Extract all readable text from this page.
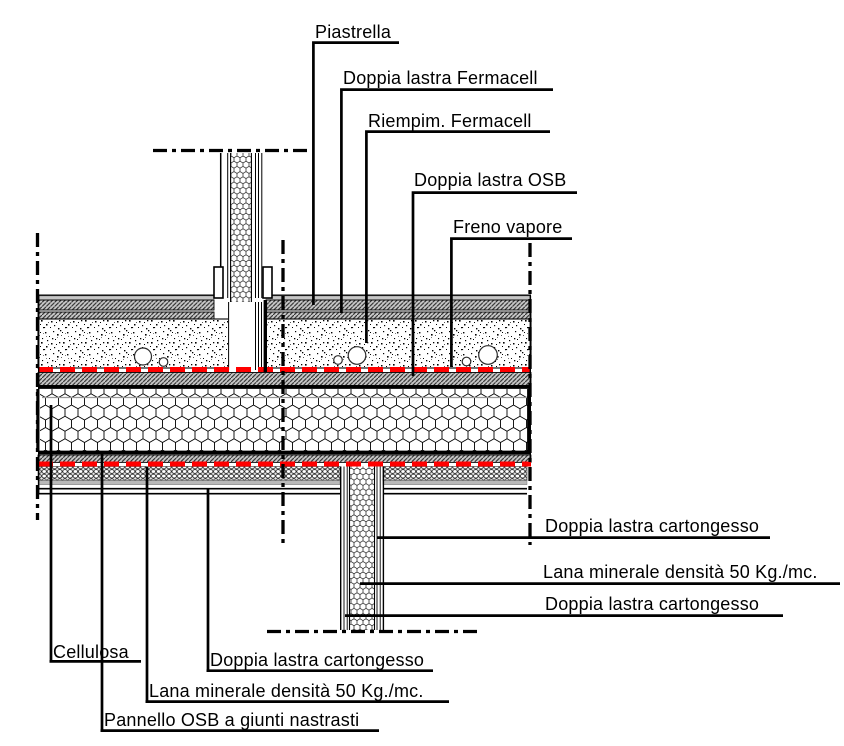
Piastrella
Doppia lastra Fermacell
Riempim. Fermacell
Doppia lastra OSB
Freno vapore
Doppia lastra cartongesso
Lana minerale densità 50 Kg./mc.
Doppia lastra cartongesso
Cellulosa	Doppia lastra cartongesso
Lana minerale densità 50 Kg./mc.
Pannello OSB a giunti nastrasti
